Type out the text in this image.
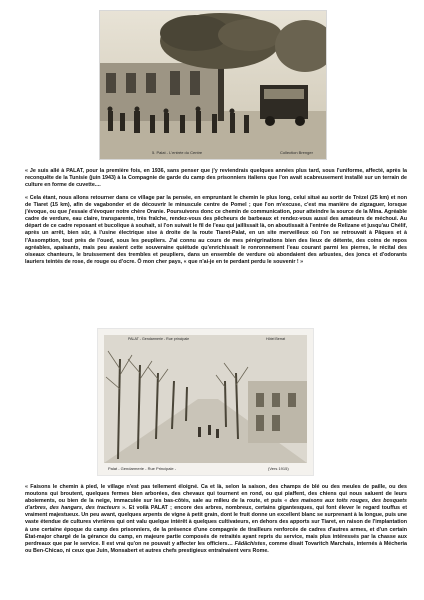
5. Palat - L'entrée du Centre	Collection Brenger

« Je suis allé à PALAT, pour la première fois, en 1936, sans penser que j'y reviendrais quelques années plus tard, sous l'uniforme, affecté, après la reconquête de la Tunisie (juin 1943) à la Compagnie de garde du camp des prisonniers italiens que l'on avait scabreusement installé sur un terrain de culture en forme de cuvette....

« Cela étant, nous allons retourner dans ce village par la pensée, en empruntant le chemin le plus long, celui situé au sortir de Trézel (25 km) et non de Tiaret (15 km), afin de vagabonder et de découvrir le minuscule centre de Pomel ; que l'on m'excuse, c'est ma manière de zigzaguer, lorsque j'évoque, ou que j'essaie d'évoquer notre chère Oranie. Poursuivons donc ce chemin de communication, pour atteindre la source de la Mina. Agréable cadre de verdure, eau claire, transparente, très fraîche, rendez-vous des pêcheurs de barbeaux et rendez-vous aussi des amateurs de méchoui. Au départ de ce cadre reposant et bucolique à souhait, si l'on suivait le fil de l'eau qui jaillissait là, on aboutissait à l'entrée de Relizane et jusqu'au Chélif, après un arrêt, bien sûr, à l'usine électrique sise à droite de la route Tiaret-Palat, en un site merveilleux où l'on se retrouvait à Pâques et à l'Assomption, tout près de l'oued, sous les peupliers. J'ai connu au cours de mes pérégrinations bien des lieux de détente, des coins de repos agréables, apaisants, mais peu avaient cette souveraine quiétude qu'enrichissait le ronronnement l'eau courant parmi les pierres, le récital des oiseaux chanteurs, le bruissement des trembles et peupliers, dans un ensemble de verdure où abondaient des arbustes, des joncs et d'odorants lauriers teintés de rose, de rouge ou d'ocre. Ô mon cher pays, « que n'ai-je en te perdant perdu le souvenir ! »

PALAT - Gendarmerie - Rue principale	Hôtel Berrat
Palat - Gendarmerie - Rue Principale -	(Vers 1915)

« Faisons le chemin à pied, le village n'est pas tellement éloigné. Ca et là, selon la saison, des champs de blé ou des meules de paille, ou des moutons qui broutent, quelques fermes bien arborées, des chevaux qui tournent en rond, ou qui piaffent, des chiens qui nous saluent de leurs aboiements, ou bien de la neige, immaculée sur les bas-côtés, sale au milieu de la route, et puis « des maisons aux toits rouges, des bosquets d'arbres, des hangars, des tracteurs ». Et voilà PALAT ; encore des arbres, nombreux, certains gigantesques, qui font élever le regard touffus et vraiment majestueux. Un peu avant, quelques arpents de vigne à petit grain, dont le fruit donne un excellent blanc se surprenant à la longue, puis une vaste étendue de cultures vivrières qui ont valu quelque intérêt à quelques cultivateurs, en dehors des apports sur Tiaret, en raison de l'implantation à une certaine époque du camp des prisonniers, de la présence d'une compagnie de tirailleurs renforcée de cadres d'autres armes, et d'un certain État-major chargé de la gérance du camp, en majeure partie composés de retraités ayant repris du service, mais plus intéressés par la chasse aux perdreaux que par le service. Il est vrai qu'on ne pouvait y affecter les officiers… Fâdâchistes, comme disait Tovaritch Marchais, internés à Mécheria ou Ben-Chicao, ni ceux que Juin, Monsabert et autres chefs prestigieux entraînaient vers Rome.
